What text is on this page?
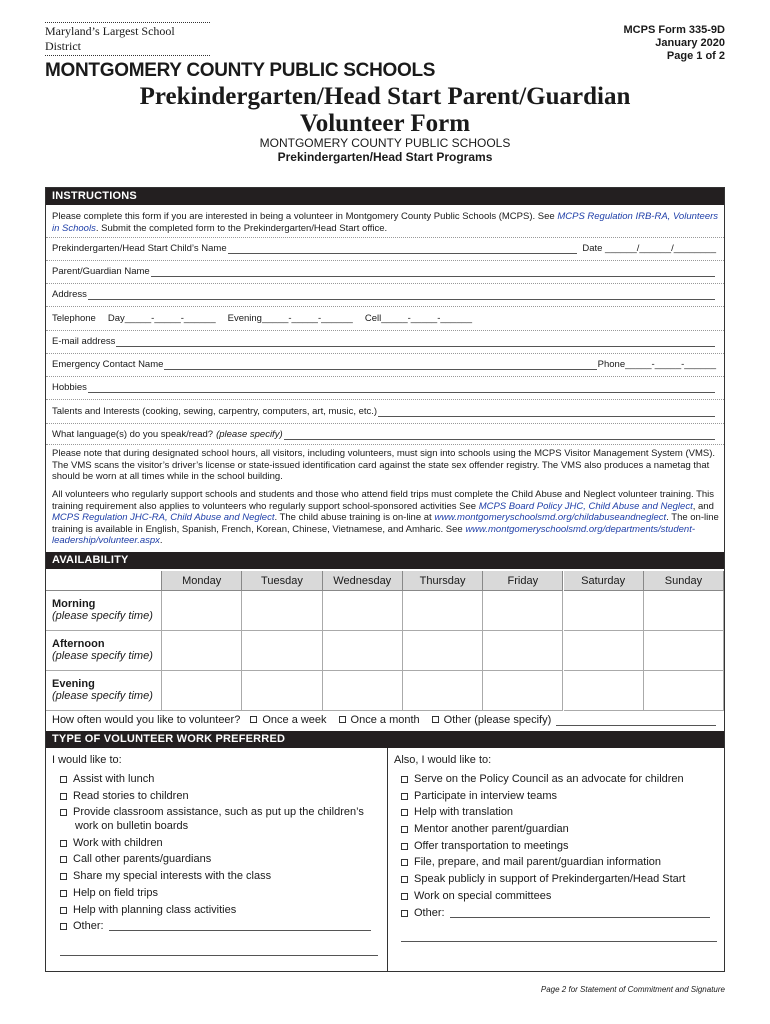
Maryland’s Largest School District
MONTGOMERY COUNTY PUBLIC SCHOOLS
MCPS Form 335-9D
January 2020
Page 1 of 2
Prekindergarten/Head Start Parent/Guardian
Volunteer Form
MONTGOMERY COUNTY PUBLIC SCHOOLS
Prekindergarten/Head Start Programs
INSTRUCTIONS
Please complete this form if you are interested in being a volunteer in Montgomery County Public Schools (MCPS). See MCPS Regulation IRB-RA, Volunteers in Schools. Submit the completed form to the Prekindergarten/Head Start office.
Prekindergarten/Head Start Child’s Name	Date ______/______/________
Parent/Guardian Name
Address
Telephone Day_____-_____-______ Evening_____-_____-______ Cell_____-_____-______
E-mail address
Emergency Contact Name	Phone_____-_____-______
Hobbies
Talents and Interests (cooking, sewing, carpentry, computers, art, music, etc.)
What language(s) do you speak/read? (please specify)
Please note that during designated school hours, all visitors, including volunteers, must sign into schools using the MCPS Visitor Management System (VMS). The VMS scans the visitor’s driver’s license or state-issued identification card against the state sex offender registry. The VMS also produces a nametag that should be worn at all times while in the school building.
All volunteers who regularly support schools and students and those who attend field trips must complete the Child Abuse and Neglect volunteer training. This training requirement also applies to volunteers who regularly support school-sponsored activities See MCPS Board Policy JHC, Child Abuse and Neglect, and MCPS Regulation JHC-RA, Child Abuse and Neglect. The child abuse training is on-line at www.montgomeryschoolsmd.org/childabuseandneglect. The on-line training is available in English, Spanish, French, Korean, Chinese, Vietnamese, and Amharic. See www.montgomeryschoolsmd.org/departments/student-leadership/volunteer.aspx.
AVAILABILITY
Monday	Tuesday	Wednesday	Thursday	Friday	Saturday	Sunday
Morning
(please specify time)
Afternoon
(please specify time)
Evening
(please specify time)
How often would you like to volunteer?	Once a week	Once a month	Other (please specify)
TYPE OF VOLUNTEER WORK PREFERRED
I would like to:	Also, I would like to:
Assist with lunch
Read stories to children
Provide classroom assistance, such as put up the children’s
work on bulletin boards
Work with children
Call other parents/guardians
Share my special interests with the class
Help on field trips
Help with planning class activities
Other:
Serve on the Policy Council as an advocate for children
Participate in interview teams
Help with translation
Mentor another parent/guardian
Offer transportation to meetings
File, prepare, and mail parent/guardian information
Speak publicly in support of Prekindergarten/Head Start
Work on special committees
Other:
Page 2 for Statement of Commitment and Signature
